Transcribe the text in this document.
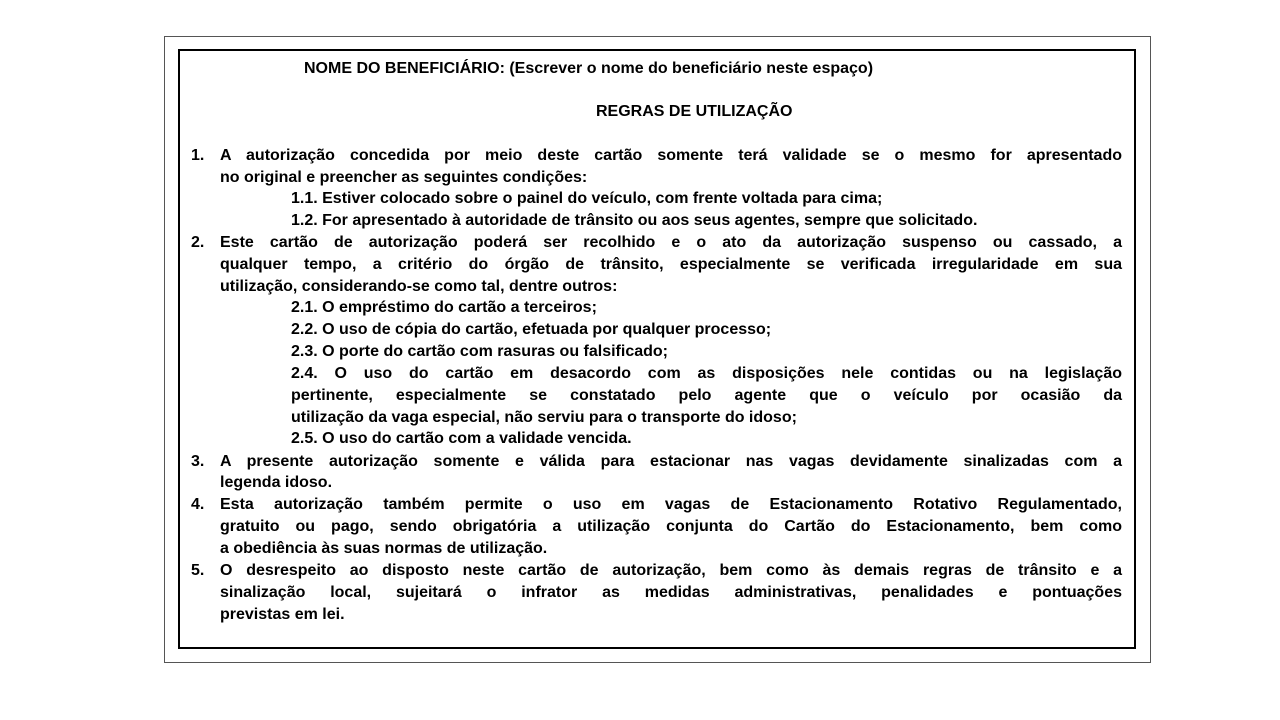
NOME DO BENEFICIÁRIO: (Escrever o nome do beneficiário neste espaço)
REGRAS DE UTILIZAÇÃO
1. A autorização concedida por meio deste cartão somente terá validade se o mesmo for apresentado
no original e preencher as seguintes condições:
1.1. Estiver colocado sobre o painel do veículo, com frente voltada para cima;
1.2. For apresentado à autoridade de trânsito ou aos seus agentes, sempre que solicitado.
2. Este cartão de autorização poderá ser recolhido e o ato da autorização suspenso ou cassado, a
qualquer tempo, a critério do órgão de trânsito, especialmente se verificada irregularidade em sua
utilização, considerando-se como tal, dentre outros:
2.1. O empréstimo do cartão a terceiros;
2.2. O uso de cópia do cartão, efetuada por qualquer processo;
2.3. O porte do cartão com rasuras ou falsificado;
2.4. O uso do cartão em desacordo com as disposições nele contidas ou na legislação
pertinente, especialmente se constatado pelo agente que o veículo por ocasião da
utilização da vaga especial, não serviu para o transporte do idoso;
2.5. O uso do cartão com a validade vencida.
3. A presente autorização somente e válida para estacionar nas vagas devidamente sinalizadas com a
legenda idoso.
4. Esta autorização também permite o uso em vagas de Estacionamento Rotativo Regulamentado,
gratuito ou pago, sendo obrigatória a utilização conjunta do Cartão do Estacionamento, bem como
a obediência às suas normas de utilização.
5. O desrespeito ao disposto neste cartão de autorização, bem como às demais regras de trânsito e a
sinalização local, sujeitará o infrator as medidas administrativas, penalidades e pontuações
previstas em lei.
